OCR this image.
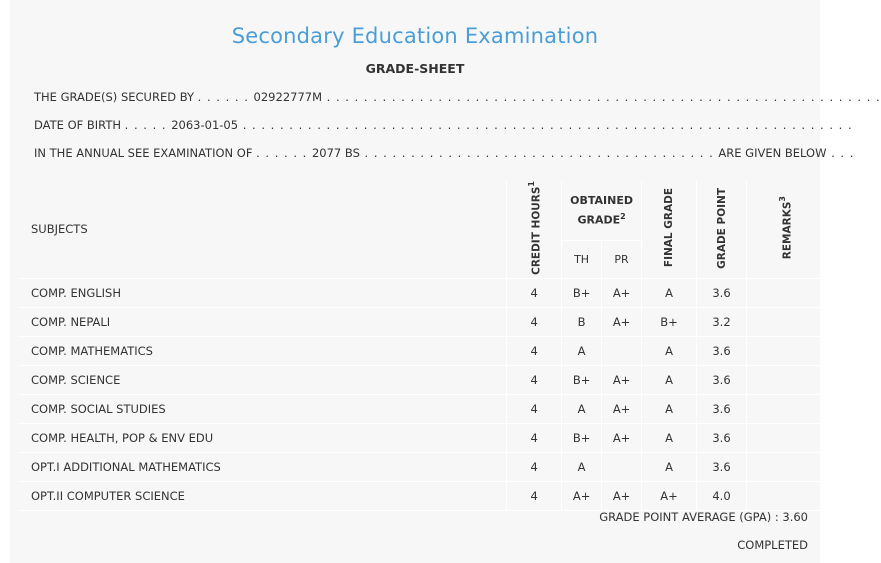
Secondary Education Examination
GRADE-SHEET
THE GRADE(S) SECURED BY . . . . . . 02922777M . . . . . . . . . . . . . . . . . . . . . . . . . . . . . . . . . . . . . . . . . . . . . . . . . . . . . . . . . . . .
DATE OF BIRTH . . . . . 2063-01-05 . . . . . . . . . . . . . . . . . . . . . . . . . . . . . . . . . . . . . . . . . . . . . . . . . . . . . . . . . . . . . . . . . .
IN THE ANNUAL SEE EXAMINATION OF . . . . . . 2077 BS . . . . . . . . . . . . . . . . . . . . . . . . . . . . . . . . . . . . . . ARE GIVEN BELOW . . .
SUBJECTS	CREDIT HOURS$^1$	OBTAINED GRADE$^2$		FINAL GRADE	GRADE POINT	REMARKS$^3$
		TH	PR			
COMP. ENGLISH	4	B+	A+	A	3.6	
COMP. NEPALI	4	B	A+	B+	3.2	
COMP. MATHEMATICS	4	A		A	3.6	
COMP. SCIENCE	4	B+	A+	A	3.6	
COMP. SOCIAL STUDIES	4	A	A+	A	3.6	
COMP. HEALTH, POP & ENV EDU	4	B+	A+	A	3.6	
OPT.I ADDITIONAL MATHEMATICS	4	A		A	3.6	
OPT.II COMPUTER SCIENCE	4	A+	A+	A+	4.0	
GRADE POINT AVERAGE (GPA) : 3.60
COMPLETED
